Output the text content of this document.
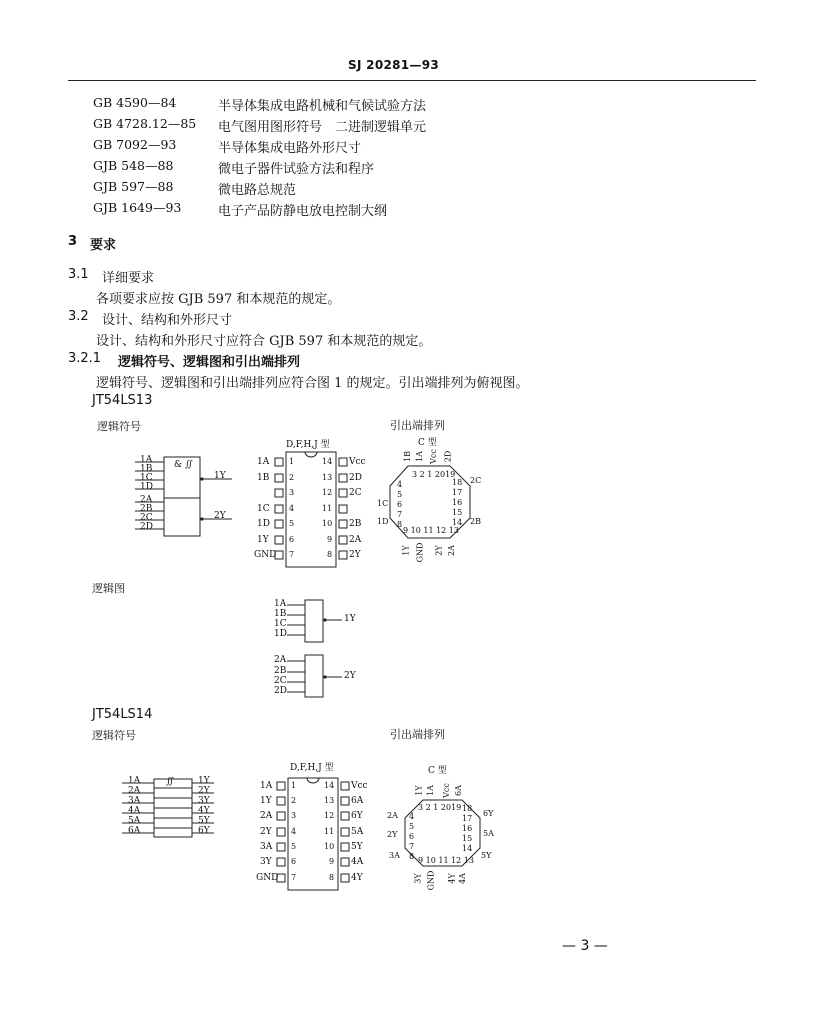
SJ 20281—93
GB 4590—84	半导体集成电路机械和气候试验方法
GB 4728.12—85 电气图用图形符号　二进制逻辑单元
GB 7092—93	半导体集成电路外形尺寸
GJB 548—88	微电子器件试验方法和程序
GJB 597—88	微电路总规范
GJB 1649—93	电子产品防静电放电控制大纲
3 要求
3.1 详细要求
各项要求应按 GJB 597 和本规范的规定。
3.2 设计、结构和外形尺寸
设计、结构和外形尺寸应符合 GJB 597 和本规范的规定。
3.2.1 逻辑符号、逻辑图和引出端排列
逻辑符号、逻辑图和引出端排列应符合图 1 的规定。引出端排列为俯视图。
JT54LS13
逻辑符号	引出端排列
& ∬
1A
1B
1C
1D
2A
2B
2C
2D
1Y
2Y
D,F,H,J 型
1A
1B
1C
1D
1Y
GND
1
2
3
4
5
6
7
14
13
12
11
10
9
8
Vcc
2D
2C
2B
2A
2Y
C 型
1B 1A Vcc 2D
3 2 1 2019
4
5
6
7
8
1C
1D
18
17
16
15
14
2C
2B
9 10 11 12 13
1Y GND 2Y 2A
逻辑图
1A
1B
1C
1D
1Y
2A
2B
2C
2D
2Y
JT54LS14
逻辑符号	引出端排列
∬
1A
2A
3A
4A
5A
6A
1Y
2Y
3Y
4Y
5Y
6Y
D,F,H,J 型
1A
1Y
2A
2Y
3A
3Y
GND
1
2
3
4
5
6
7
14
13
12
11
10
9
8
Vcc
6A
6Y
5A
5Y
4A
4Y
C 型
1Y 1A Vcc 6A
3 2 1 2019
4
5
6
7
8
2A
2Y
3A
18
17
16
15
14
6Y
5A
5Y
9 10 11 12 13
3Y GND 4Y 4A
— 3 —
